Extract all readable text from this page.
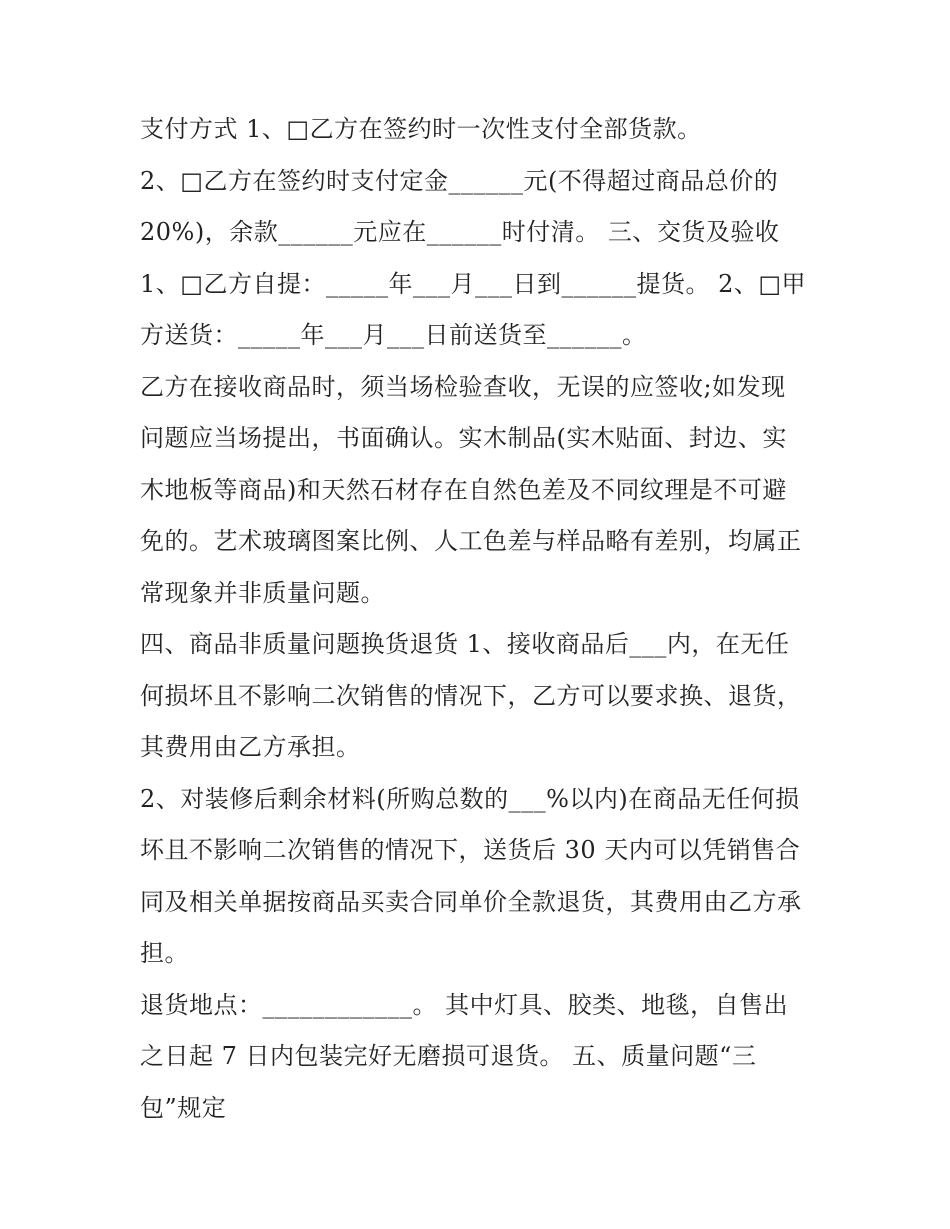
支付方式 1、□乙方在签约时一次性支付全部货款。
2、□乙方在签约时支付定金______元(不得超过商品总价的
20%)，余款______元应在______时付清。 三、交货及验收
1、□乙方自提：_____年___月___日到______提货。 2、□甲
方送货：_____年___月___日前送货至______。
乙方在接收商品时，须当场检验查收，无误的应签收;如发现
问题应当场提出，书面确认。实木制品(实木贴面、封边、实
木地板等商品)和天然石材存在自然色差及不同纹理是不可避
免的。艺术玻璃图案比例、人工色差与样品略有差别，均属正
常现象并非质量问题。
四、商品非质量问题换货退货 1、接收商品后___内，在无任
何损坏且不影响二次销售的情况下，乙方可以要求换、退货，
其费用由乙方承担。
2、对装修后剩余材料(所购总数的___%以内)在商品无任何损
坏且不影响二次销售的情况下，送货后 30 天内可以凭销售合
同及相关单据按商品买卖合同单价全款退货，其费用由乙方承
担。
退货地点：____________。 其中灯具、胶类、地毯，自售出
之日起 7 日内包装完好无磨损可退货。 五、质量问题“三
包”规定
